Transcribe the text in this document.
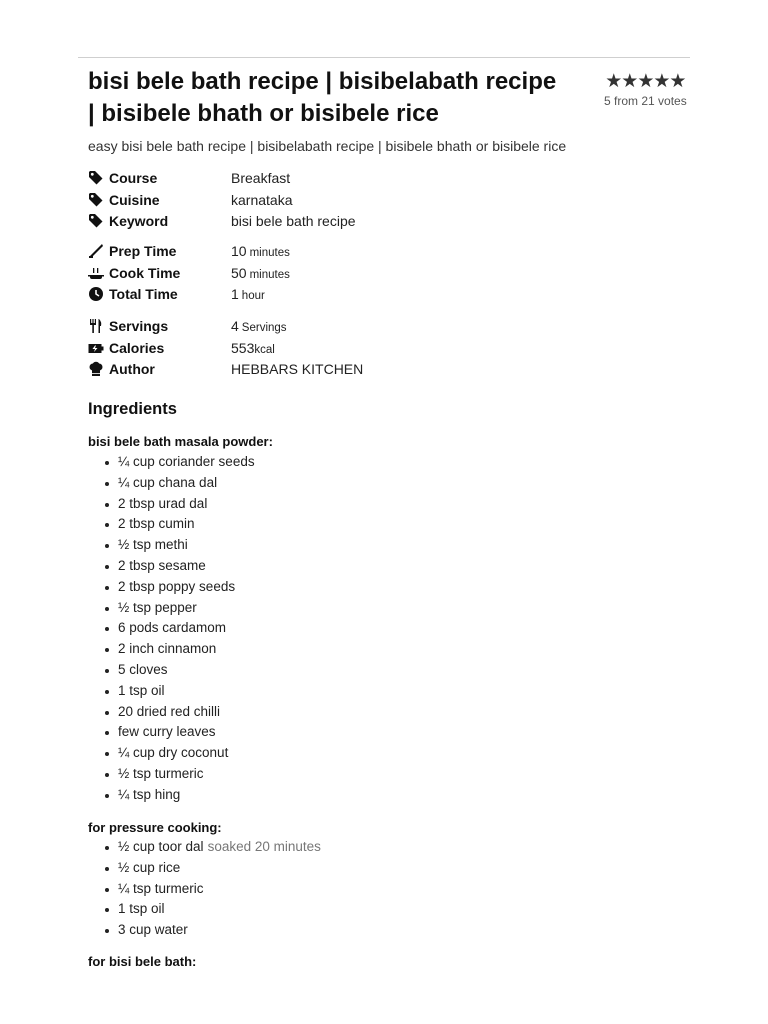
bisi bele bath recipe | bisibelabath recipe | bisibele bhath or bisibele rice
★★★★★
5 from 21 votes
easy bisi bele bath recipe | bisibelabath recipe | bisibele bhath or bisibele rice
Course	Breakfast
Cuisine	karnataka
Keyword	bisi bele bath recipe
Prep Time	10 minutes
Cook Time	50 minutes
Total Time	1 hour
Servings	4 Servings
Calories	553kcal
Author	HEBBARS KITCHEN
Ingredients
bisi bele bath masala powder:
¼ cup coriander seeds
¼ cup chana dal
2 tbsp urad dal
2 tbsp cumin
½ tsp methi
2 tbsp sesame
2 tbsp poppy seeds
½ tsp pepper
6 pods cardamom
2 inch cinnamon
5 cloves
1 tsp oil
20 dried red chilli
few curry leaves
¼ cup dry coconut
½ tsp turmeric
¼ tsp hing
for pressure cooking:
½ cup toor dal soaked 20 minutes
½ cup rice
¼ tsp turmeric
1 tsp oil
3 cup water
for bisi bele bath:
